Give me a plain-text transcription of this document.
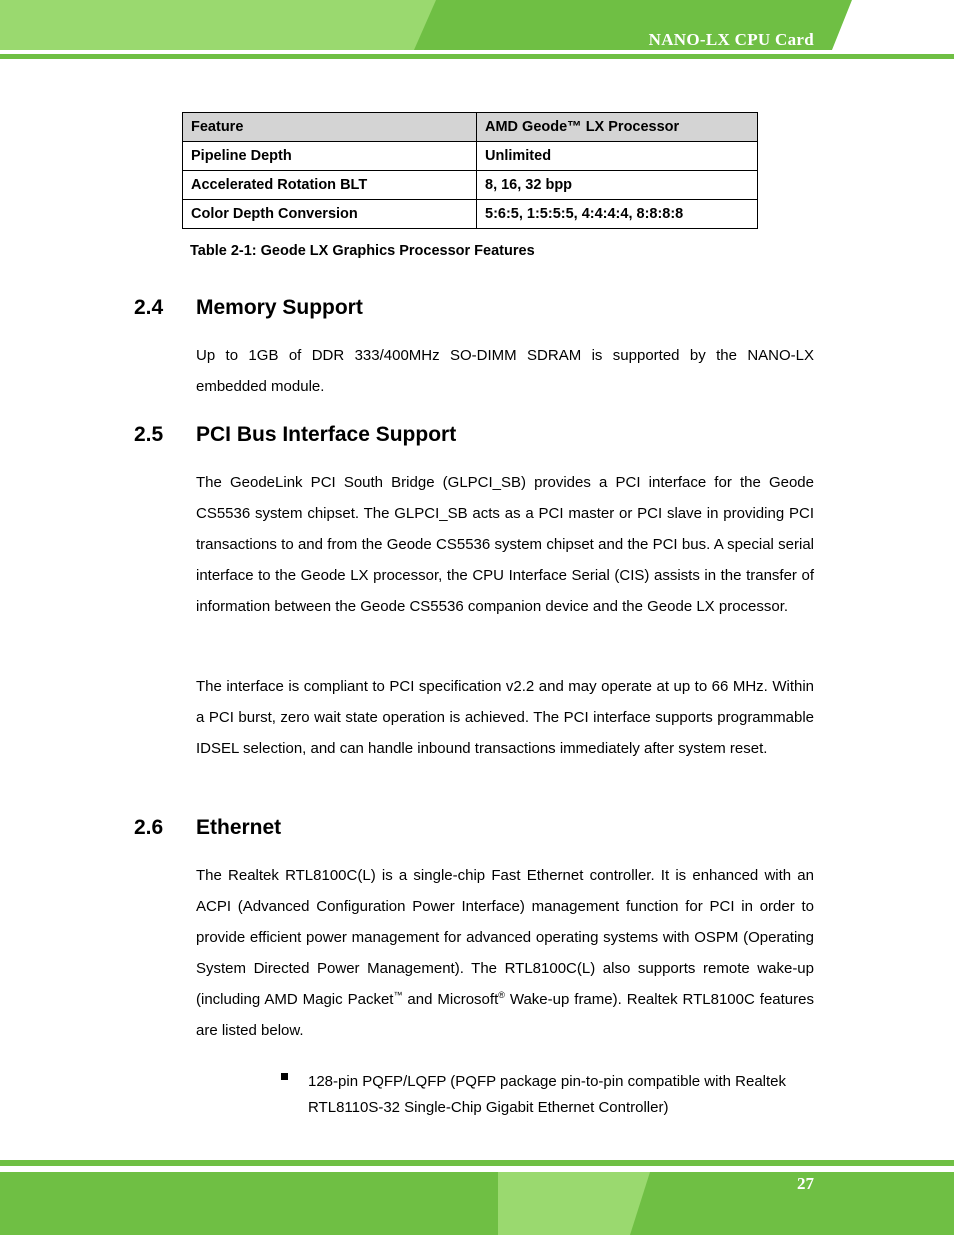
NANO-LX CPU Card
Feature	AMD Geode™ LX Processor
Pipeline Depth	Unlimited
Accelerated Rotation BLT	8, 16, 32 bpp
Color Depth Conversion	5:6:5, 1:5:5:5, 4:4:4:4, 8:8:8:8
Table 2-1: Geode LX Graphics Processor Features
2.4 Memory Support
Up to 1GB of DDR 333/400MHz SO-DIMM SDRAM is supported by the NANO-LX embedded module.
2.5 PCI Bus Interface Support
The GeodeLink PCI South Bridge (GLPCI_SB) provides a PCI interface for the Geode CS5536 system chipset. The GLPCI_SB acts as a PCI master or PCI slave in providing PCI transactions to and from the Geode CS5536 system chipset and the PCI bus. A special serial interface to the Geode LX processor, the CPU Interface Serial (CIS) assists in the transfer of information between the Geode CS5536 companion device and the Geode LX processor.
The interface is compliant to PCI specification v2.2 and may operate at up to 66 MHz. Within a PCI burst, zero wait state operation is achieved. The PCI interface supports programmable IDSEL selection, and can handle inbound transactions immediately after system reset.
2.6 Ethernet
The Realtek RTL8100C(L) is a single-chip Fast Ethernet controller. It is enhanced with an ACPI (Advanced Configuration Power Interface) management function for PCI in order to provide efficient power management for advanced operating systems with OSPM (Operating System Directed Power Management). The RTL8100C(L) also supports remote wake-up (including AMD Magic Packet™ and Microsoft® Wake-up frame). Realtek RTL8100C features are listed below.
128-pin PQFP/LQFP (PQFP package pin-to-pin compatible with Realtek RTL8110S-32 Single-Chip Gigabit Ethernet Controller)
27
